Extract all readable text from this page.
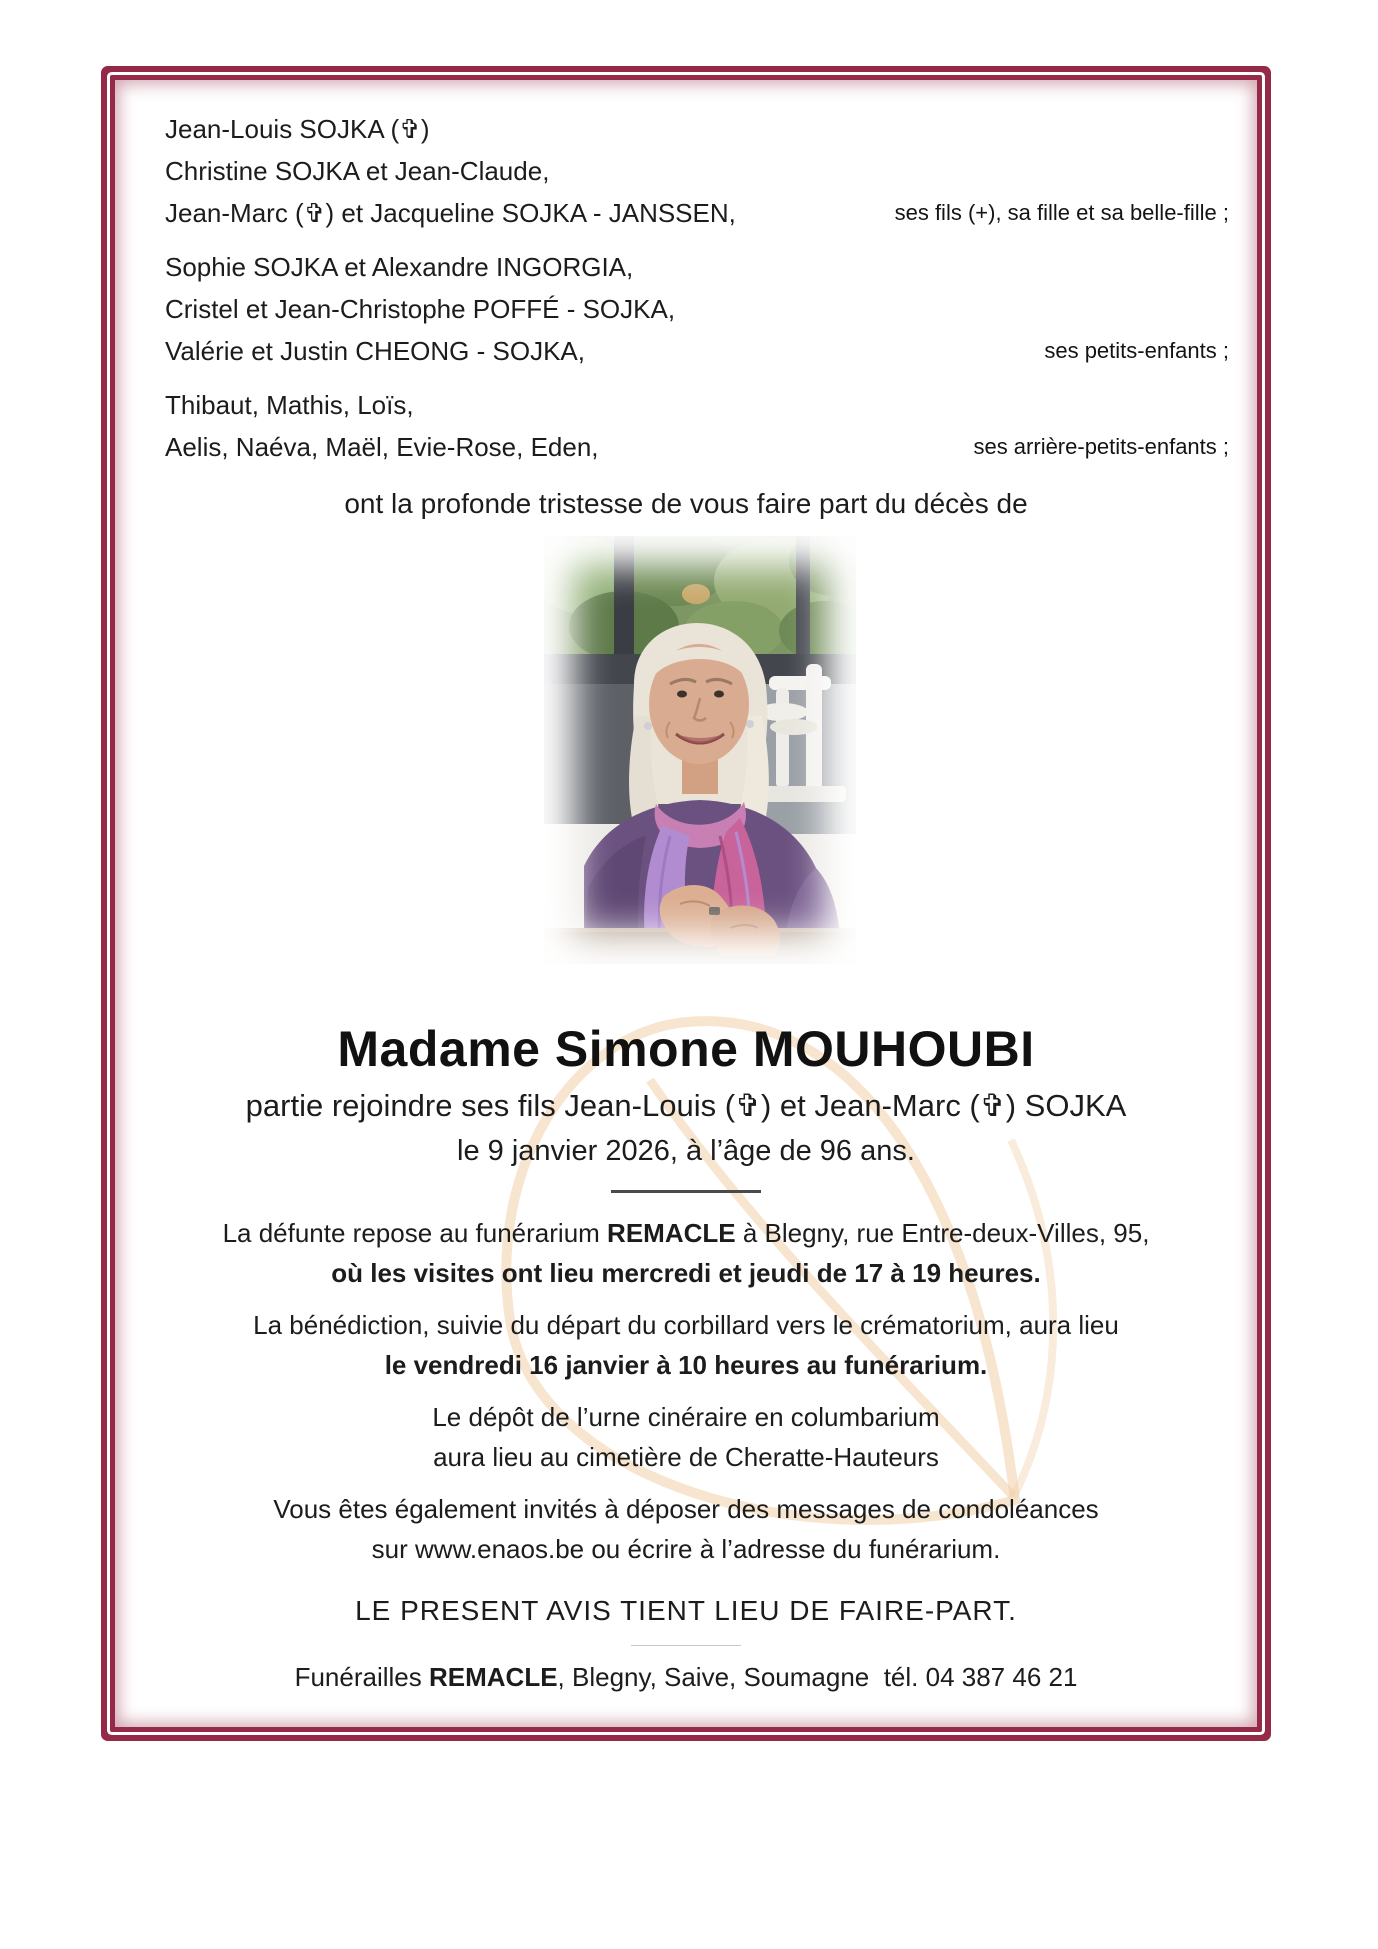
Jean-Louis SOJKA (✞)

Christine SOJKA et Jean-Claude,

Jean-Marc (✞) et Jacqueline SOJKA - JANSSEN,	ses fils (+), sa fille et sa belle-fille ;

Sophie SOJKA et Alexandre INGORGIA,

Cristel et Jean-Christophe POFFÉ - SOJKA,

Valérie et Justin CHEONG - SOJKA,	ses petits-enfants ;

Thibaut, Mathis, Loïs,

Aelis, Naéva, Maël, Evie-Rose, Eden,	ses arrière-petits-enfants ;

ont la profonde tristesse de vous faire part du décès de

Madame Simone MOUHOUBI

partie rejoindre ses fils Jean-Louis (✞) et Jean-Marc (✞) SOJKA

le 9 janvier 2026, à l’âge de 96 ans.

La défunte repose au funérarium REMACLE à Blegny, rue Entre-deux-Villes, 95,

où les visites ont lieu mercredi et jeudi de 17 à 19 heures.

La bénédiction, suivie du départ du corbillard vers le crématorium, aura lieu

le vendredi 16 janvier à 10 heures au funérarium.

Le dépôt de l’urne cinéraire en columbarium

aura lieu au cimetière de Cheratte-Hauteurs

Vous êtes également invités à déposer des messages de condoléances

sur www.enaos.be ou écrire à l’adresse du funérarium.

LE PRESENT AVIS TIENT LIEU DE FAIRE-PART.

Funérailles REMACLE, Blegny, Saive, Soumagne  tél. 04 387 46 21
